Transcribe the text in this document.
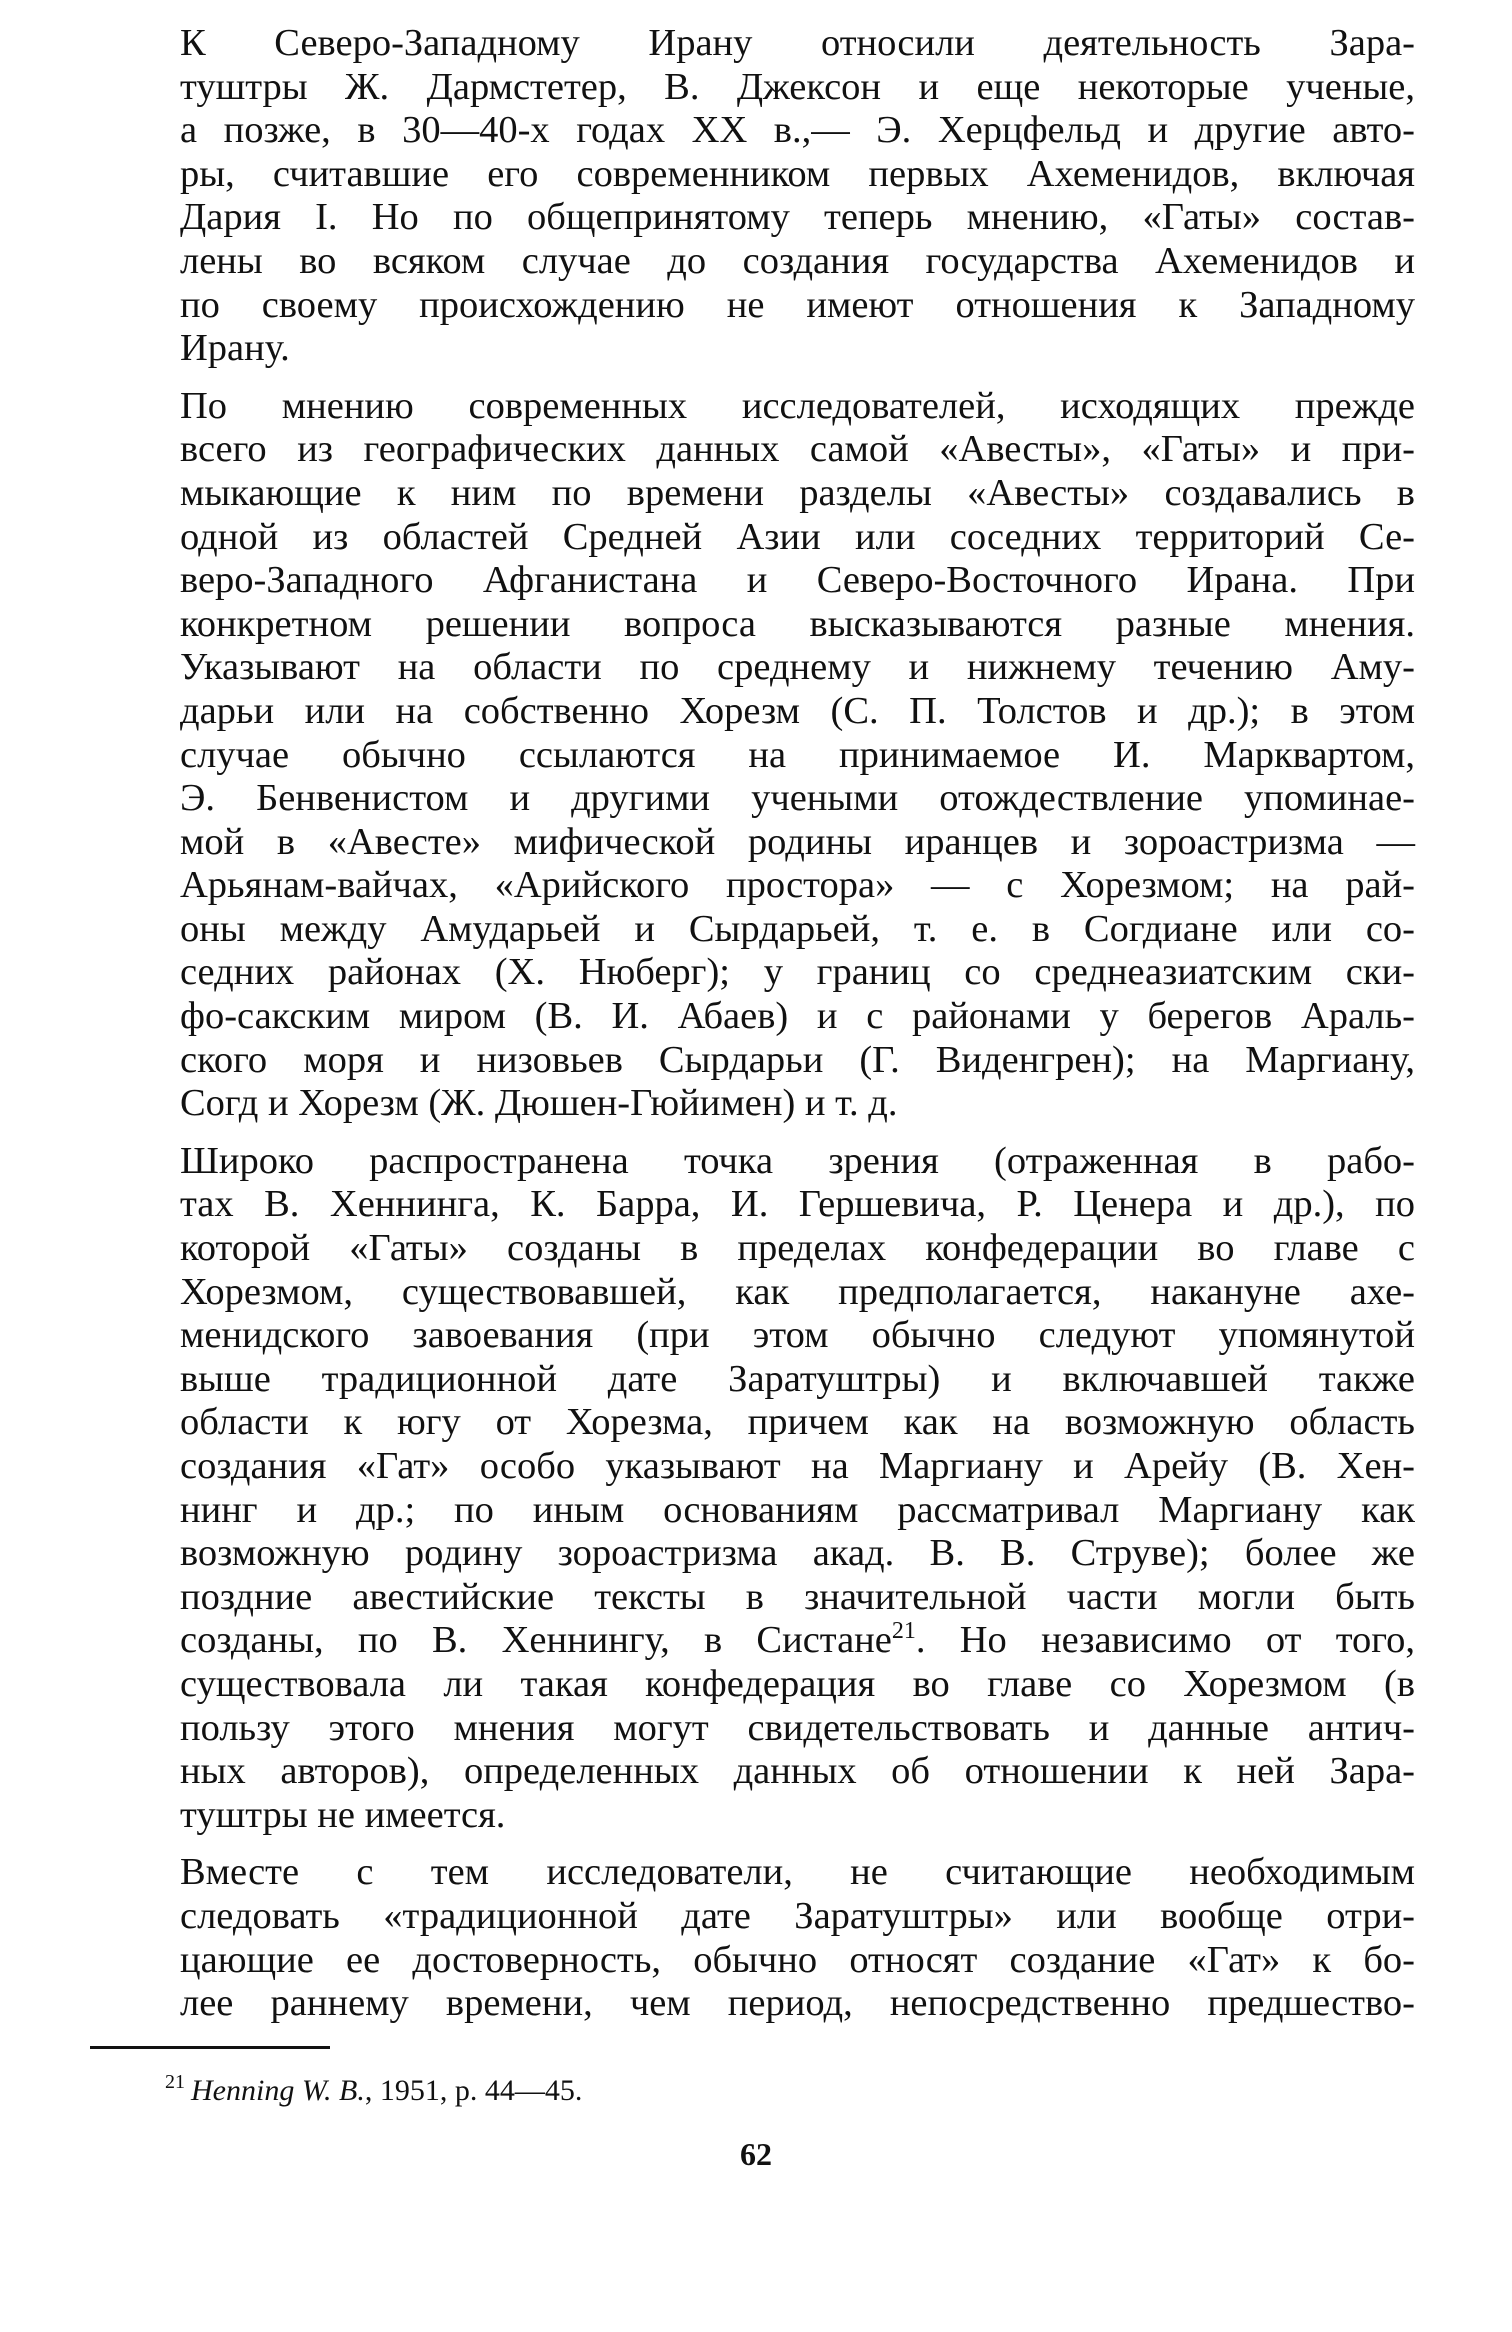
К Северо-Западному Ирану относили деятельность Зара-
туштры Ж. Дармстетер, В. Джексон и еще некоторые ученые,
а позже, в 30—40-х годах XX в.,— Э. Херцфельд и другие авто-
ры, считавшие его современником первых Ахеменидов, включая
Дария I. Но по общепринятому теперь мнению, «Гаты» состав-
лены во всяком случае до создания государства Ахеменидов и
по своему происхождению не имеют отношения к Западному
Ирану.

По мнению современных исследователей, исходящих прежде
всего из географических данных самой «Авесты», «Гаты» и при-
мыкающие к ним по времени разделы «Авесты» создавались в
одной из областей Средней Азии или соседних территорий Се-
веро-Западного Афганистана и Северо-Восточного Ирана. При
конкретном решении вопроса высказываются разные мнения.
Указывают на области по среднему и нижнему течению Аму-
дарьи или на собственно Хорезм (С. П. Толстов и др.); в этом
случае обычно ссылаются на принимаемое И. Марквартом,
Э. Бенвенистом и другими учеными отождествление упоминае-
мой в «Авесте» мифической родины иранцев и зороастризма —
Арьянам-вайчах, «Арийского простора» — с Хорезмом; на рай-
оны между Амударьей и Сырдарьей, т. е. в Согдиане или со-
седних районах (X. Нюберг); у границ со среднеазиатским ски-
фо-сакским миром (В. И. Абаев) и с районами у берегов Араль-
ского моря и низовьев Сырдарьи (Г. Виденгрен); на Маргиану,
Согд и Хорезм (Ж. Дюшен-Гюйимен) и т. д.

Широко распространена точка зрения (отраженная в рабо-
тах В. Хеннинга, К. Барра, И. Гершевича, Р. Ценера и др.), по
которой «Гаты» созданы в пределах конфедерации во главе с
Хорезмом, существовавшей, как предполагается, накануне ахе-
менидского завоевания (при этом обычно следуют упомянутой
выше традиционной дате Заратуштры) и включавшей также
области к югу от Хорезма, причем как на возможную область
создания «Гат» особо указывают на Маргиану и Арейу (В. Хен-
нинг и др.; по иным основаниям рассматривал Маргиану как
возможную родину зороастризма акад. В. В. Струве); более же
поздние авестийские тексты в значительной части могли быть
созданы, по В. Хеннингу, в Систане$^{21}$. Но независимо от того,
существовала ли такая конфедерация во главе со Хорезмом (в
пользу этого мнения могут свидетельствовать и данные антич-
ных авторов), определенных данных об отношении к ней Зара-
туштры не имеется.

Вместе с тем исследователи, не считающие необходимым
следовать «традиционной дате Заратуштры» или вообще отри-
цающие ее достоверность, обычно относят создание «Гат» к бо-
лее раннему времени, чем период, непосредственно предшество-

$^{21}$ Henning W. B., 1951, p. 44—45.
62
